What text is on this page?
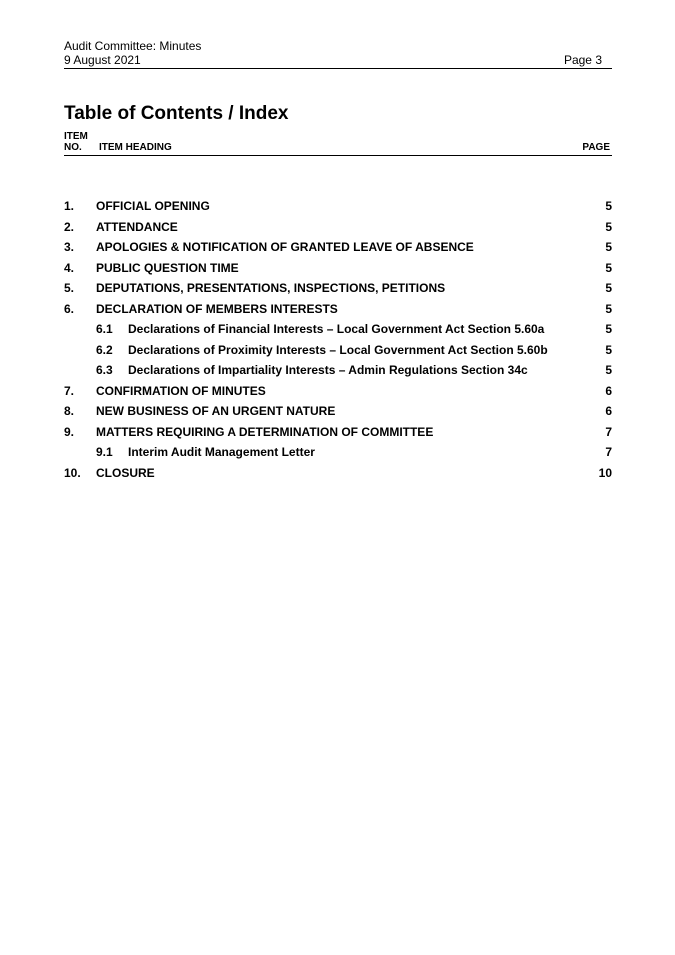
Audit Committee: Minutes
9 August 2021	Page 3
Table of Contents / Index
ITEM
NO.	ITEM HEADING	PAGE
1. OFFICIAL OPENING	5
2. ATTENDANCE	5
3. APOLOGIES & NOTIFICATION OF GRANTED LEAVE OF ABSENCE	5
4. PUBLIC QUESTION TIME	5
5. DEPUTATIONS, PRESENTATIONS, INSPECTIONS, PETITIONS	5
6. DECLARATION OF MEMBERS INTERESTS	5
6.1 Declarations of Financial Interests – Local Government Act Section 5.60a	5
6.2 Declarations of Proximity Interests – Local Government Act Section 5.60b	5
6.3 Declarations of Impartiality Interests – Admin Regulations Section 34c	5
7. CONFIRMATION OF MINUTES	6
8. NEW BUSINESS OF AN URGENT NATURE	6
9. MATTERS REQUIRING A DETERMINATION OF COMMITTEE	7
9.1 Interim Audit Management Letter	7
10. CLOSURE	10
